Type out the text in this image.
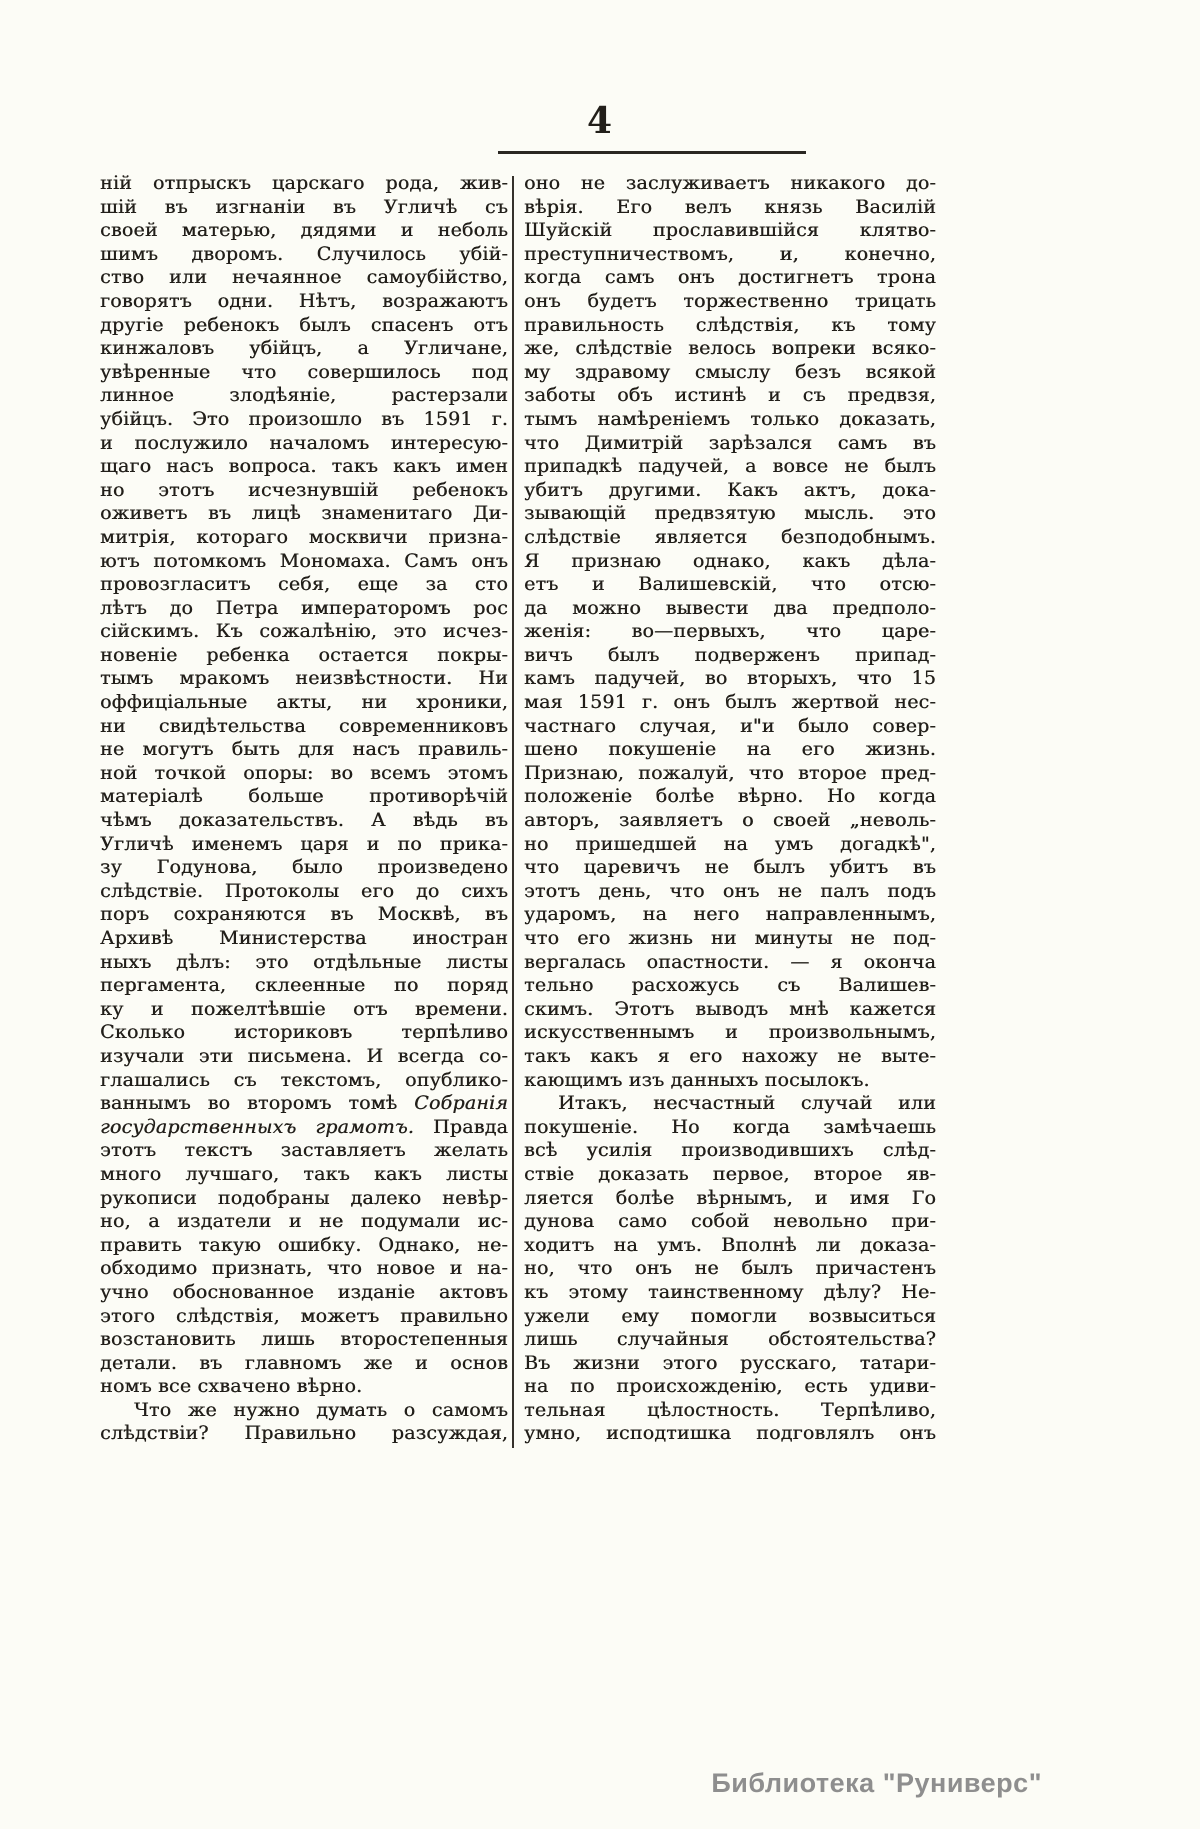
4
ній отпрыскъ царскаго рода, жив-
шій въ изгнаніи въ Угличѣ съ
своей матерью, дядями и неболь
шимъ дворомъ. Случилось убій-
ство или нечаянное самоубійство,
говорятъ одни. Нѣтъ, возражаютъ
другіе ребенокъ былъ спасенъ отъ
кинжаловъ убійцъ, а Угличане,
увѣренные что совершилось под
линное злодѣяніе, растерзали
убійцъ. Это произошло въ 1591 г.
и послужило началомъ интересую-
щаго насъ вопроса. такъ какъ имен
но этотъ исчезнувшій ребенокъ
оживетъ въ лицѣ знаменитаго Ди-
митрія, котораго москвичи призна-
ютъ потомкомъ Мономаха. Самъ онъ
провозгласитъ себя, еще за сто
лѣтъ до Петра императоромъ рос
сійскимъ. Къ сожалѣнію, это исчез-
новеніе ребенка остается покры-
тымъ мракомъ неизвѣстности. Ни
оффиціальные акты, ни хроники,
ни свидѣтельства современниковъ
не могутъ быть для насъ правиль-
ной точкой опоры: во всемъ этомъ
матеріалѣ больше противорѣчій
чѣмъ доказательствъ. А вѣдь въ
Угличѣ именемъ царя и по прика-
зу Годунова, было произведено
слѣдствіе. Протоколы его до сихъ
поръ сохраняются въ Москвѣ, въ
Архивѣ Министерства иностран
ныхъ дѣлъ: это отдѣльные листы
пергамента, склеенные по поряд
ку и пожелтѣвшіе отъ времени.
Сколько историковъ терпѣливо
изучали эти письмена. И всегда со-
глашались съ текстомъ, опублико-
ваннымъ во второмъ томѣ Собранія
государственныхъ грамотъ. Правда
этотъ текстъ заставляетъ желать
много лучшаго, такъ какъ листы
рукописи подобраны далеко невѣр-
но, а издатели и не подумали ис-
править такую ошибку. Однако, не-
обходимо признать, что новое и на-
учно обоснованное изданіе актовъ
этого слѣдствія, можетъ правильно
возстановить лишь второстепенныя
детали. въ главномъ же и основ
номъ все схвачено вѣрно.
Что же нужно думать о самомъ
слѣдствіи? Правильно разсуждая,
оно не заслуживаетъ никакого до-
вѣрія. Его велъ князь Василій
Шуйскій прославившійся клятво-
преступничествомъ, и, конечно,
когда самъ онъ достигнетъ трона
онъ будетъ торжественно трицать
правильность слѣдствія, къ тому
же, слѣдствіе велось вопреки всяко-
му здравому смыслу безъ всякой
заботы объ истинѣ и съ предвзя,
тымъ намѣреніемъ только доказать,
что Димитрій зарѣзался самъ въ
припадкѣ падучей, а вовсе не былъ
убитъ другими. Какъ актъ, дока-
зывающій предвзятую мысль. это
слѣдствіе является безподобнымъ.
Я признаю однако, какъ дѣла-
етъ и Валишевскій, что отсю-
да можно вывести два предполо-
женія: во—первыхъ, что царе-
вичъ былъ подверженъ припад-
камъ падучей, во вторыхъ, что 15
мая 1591 г. онъ былъ жертвой нес-
частнаго случая, и"и было совер-
шено покушеніе на его жизнь.
Признаю, пожалуй, что второе пред-
положеніе болѣе вѣрно. Но когда
авторъ, заявляетъ о своей „неволь-
но пришедшей на умъ догадкѣ",
что царевичъ не былъ убитъ въ
этотъ день, что онъ не палъ подъ
ударомъ, на него направленнымъ,
что его жизнь ни минуты не под-
вергалась опастности. — я оконча
тельно расхожусь съ Валишев-
скимъ. Этотъ выводъ мнѣ кажется
искусственнымъ и произвольнымъ,
такъ какъ я его нахожу не выте-
кающимъ изъ данныхъ посылокъ.
Итакъ, несчастный случай или
покушеніе. Но когда замѣчаешь
всѣ усилія производившихъ слѣд-
ствіе доказать первое, второе яв-
ляется болѣе вѣрнымъ, и имя Го
дунова само собой невольно при-
ходитъ на умъ. Вполнѣ ли доказа-
но, что онъ не былъ причастенъ
къ этому таинственному дѣлу? Не-
ужели ему помогли возвыситься
лишь случайныя обстоятельства?
Въ жизни этого русскаго, татари-
на по происхожденію, есть удиви-
тельная цѣлостность. Терпѣливо,
умно, исподтишка подговлялъ онъ
Библиотека "Руниверс"
